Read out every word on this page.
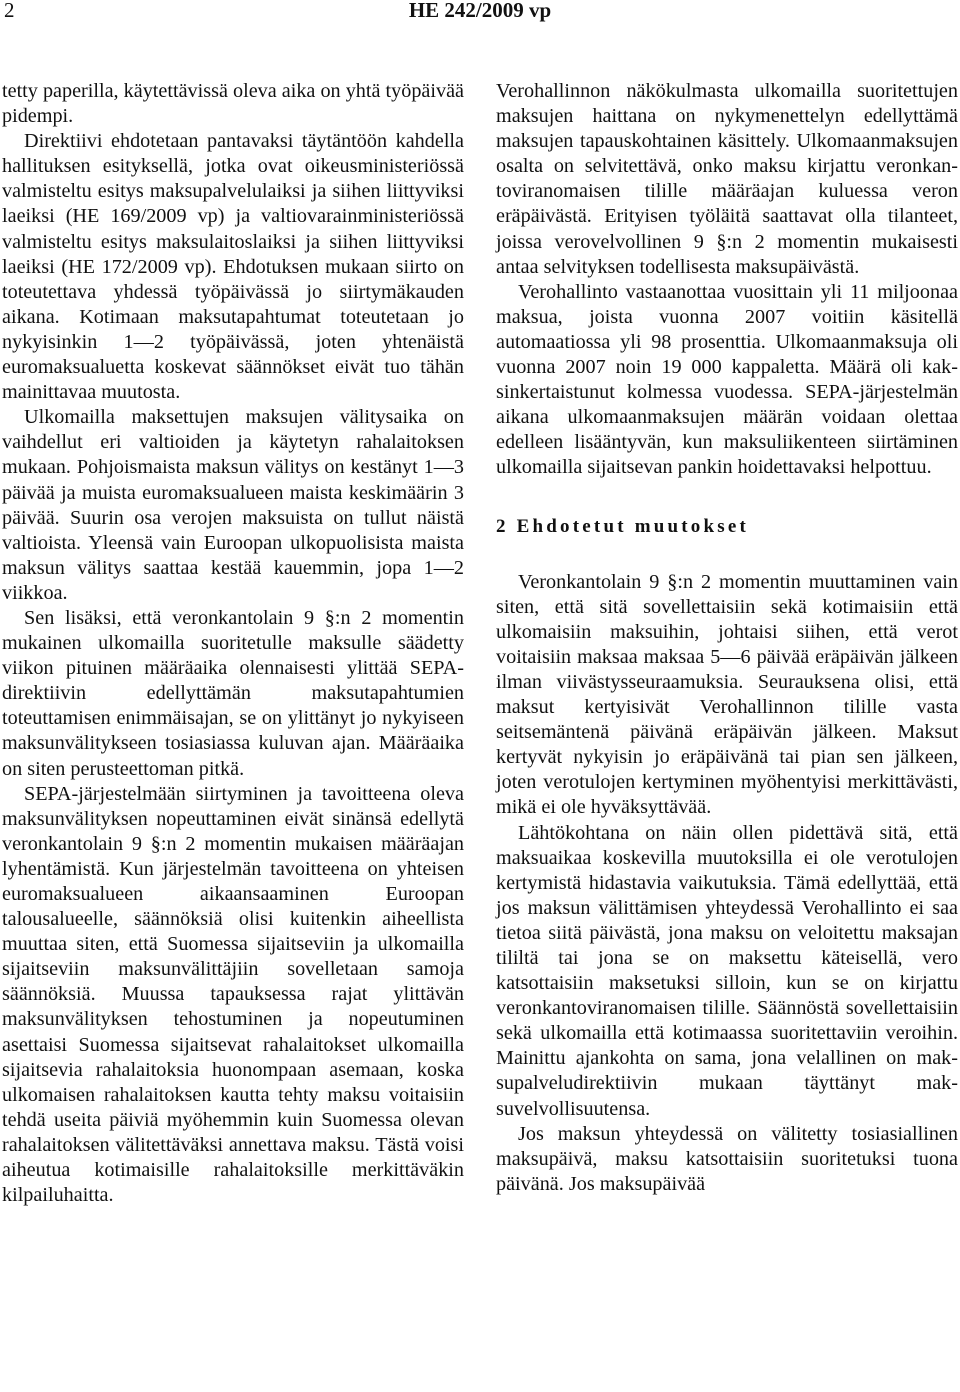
2	HE 242/2009 vp

tetty paperilla, käytettävissä oleva aika on yhtä työpäivää pidempi.

Direktiivi ehdotetaan pantavaksi täytäntöön kahdella hallituksen esityksellä, jotka ovat oikeusministeriössä valmisteltu esitys maksupalvelulaiksi ja siihen liittyviksi laeiksi (HE 169/2009 vp) ja valtiovarainministeriössä valmisteltu esitys maksulaitoslaiksi ja siihen liittyviksi laeiksi (HE 172/2009 vp). Ehdotuksen mukaan siirto on toteutettava yhdessä työpäivässä jo siirtymäkauden aikana. Kotimaan maksutapahtumat toteutetaan jo nykyisinkin 1—2 työpäivässä, joten yhtenäistä euromaksualuetta koskevat säännökset eivät tuo tähän mainittavaa muutosta.

Ulkomailla maksettujen maksujen välitysaika on vaihdellut eri valtioiden ja käytetyn rahalaitoksen mukaan. Pohjoismaista maksun välitys on kestänyt 1—3 päivää ja muista euromaksualueen maista keskimäärin 3 päivää. Suurin osa verojen maksuista on tullut näistä valtioista. Yleensä vain Euroopan ulkopuolisista maista maksun välitys saattaa kestää kauemmin, jopa 1—2 viikkoa.

Sen lisäksi, että veronkantolain 9 §:n 2 momentin mukainen ulkomailla suoritetulle maksulle säädetty viikon pituinen määräaika olennaisesti ylittää SEPA-direktiivin edellyttämän maksutapahtumien toteuttamisen enimmäisajan, se on ylittänyt jo nykyiseen maksunvälitykseen tosiasiassa kuluvan ajan. Määräaika on siten perusteettoman pitkä.

SEPA-järjestelmään siirtyminen ja tavoitteena oleva maksunvälityksen nopeuttaminen eivät sinänsä edellytä veronkantolain 9 §:n 2 momentin mukaisen määräajan lyhentämistä. Kun järjestelmän tavoitteena on yhteisen euromaksualueen aikaansaaminen Euroopan talousalueelle, säännöksiä olisi kuitenkin aiheellista muuttaa siten, että Suomessa sijaitseviin ja ulkomailla sijaitseviin maksunvälittäjiin sovelletaan samoja säännöksiä. Muussa tapauksessa rajat ylittävän maksunvälityksen tehostuminen ja nopeutuminen asettaisi Suomessa sijaitsevat rahalaitokset ulkomailla sijaitsevia rahalaitoksia huonompaan asemaan, koska ulkomaisen rahalaitoksen kautta tehty maksu voitaisiin tehdä useita päiviä myöhemmin kuin Suomessa olevan rahalaitoksen välitettäväksi annettava maksu. Tästä voisi aiheutua kotimaisille rahalaitoksille merkittäväkin kilpailuhaitta.

Verohallinnon näkökulmasta ulkomailla suoritettujen maksujen haittana on nykymenettelyn edellyttämä maksujen tapauskohtainen käsittely. Ulkomaanmaksujen osalta on selvitettävä, onko maksu kirjattu veronkantoviranomaisen tilille määräajan kuluessa veron eräpäivästä. Erityisen työläitä saattavat olla tilanteet, joissa verovelvollinen 9 §:n 2 momentin mukaisesti antaa selvityksen todellisesta maksupäivästä.

Verohallinto vastaanottaa vuosittain yli 11 miljoonaa maksua, joista vuonna 2007 voitiin käsitellä automaatiossa yli 98 prosenttia. Ulkomaanmaksuja oli vuonna 2007 noin 19 000 kappaletta. Määrä oli kaksinkertaistunut kolmessa vuodessa. SEPA-järjestelmän aikana ulkomaanmaksujen määrän voidaan olettaa edelleen lisääntyvän, kun maksuliikenteen siirtäminen ulkomailla sijaitsevan pankin hoidettavaksi helpottuu.

2 Ehdotetut muutokset

Veronkantolain 9 §:n 2 momentin muuttaminen vain siten, että sitä sovellettaisiin sekä kotimaisiin että ulkomaisiin maksuihin, johtaisi siihen, että verot voitaisiin maksaa maksaa 5—6 päivää eräpäivän jälkeen ilman viivästysseuraamuksia. Seurauksena olisi, että maksut kertyisivät Verohallinnon tilille vasta seitsemäntenä päivänä eräpäivän jälkeen. Maksut kertyvät nykyisin jo eräpäivänä tai pian sen jälkeen, joten verotulojen kertyminen myöhentyisi merkittävästi, mikä ei ole hyväksyttävää.

Lähtökohtana on näin ollen pidettävä sitä, että maksuaikaa koskevilla muutoksilla ei ole verotulojen kertymistä hidastavia vaikutuksia. Tämä edellyttää, että jos maksun välittämisen yhteydessä Verohallinto ei saa tietoa siitä päivästä, jona maksu on veloitettu maksajan tililtä tai jona se on maksettu käteisellä, vero katsottaisiin maksetuksi silloin, kun se on kirjattu veronkantoviranomaisen tilille. Säännöstä sovellettaisiin sekä ulkomailla että kotimaassa suoritettaviin veroihin. Mainittu ajankohta on sama, jona velallinen on maksupalveludirektiivin mukaan täyttänyt maksuvelvollisuutensa.

Jos maksun yhteydessä on välitetty tosiasiallinen maksupäivä, maksu katsottaisiin suoritetuksi tuona päivänä. Jos maksupäivää
